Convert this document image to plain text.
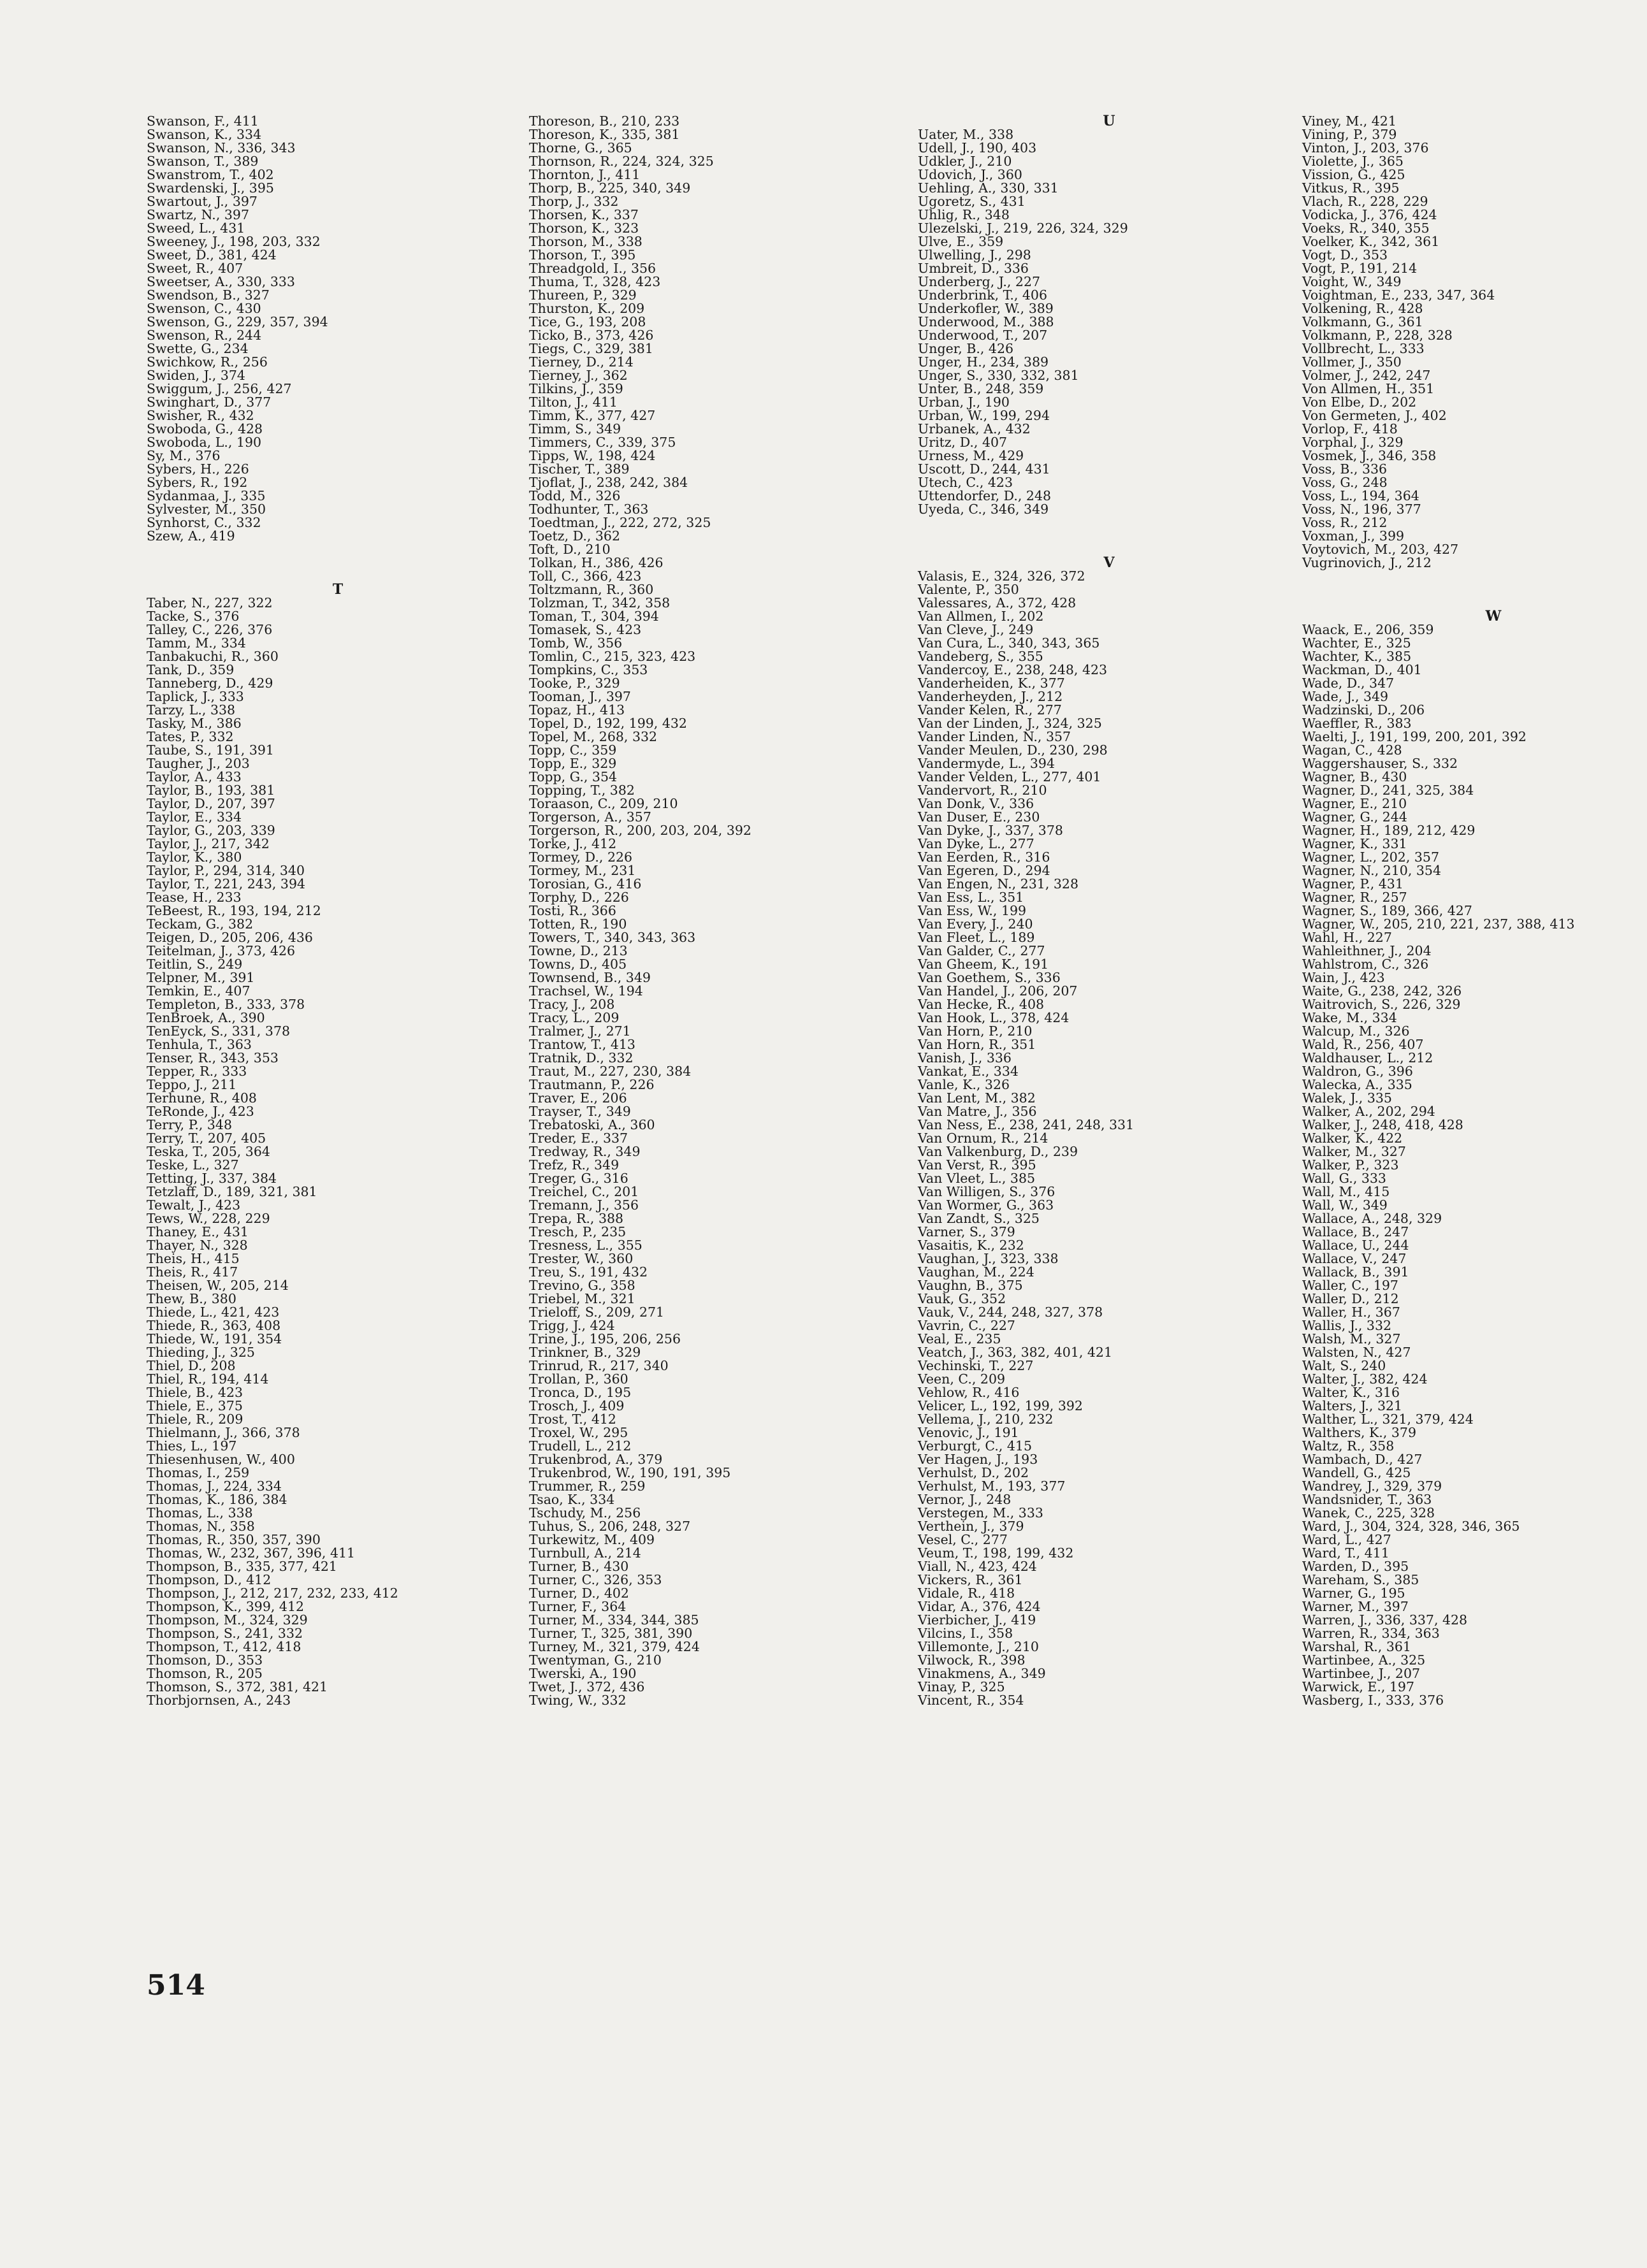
Swanson, F., 411
Swanson, K., 334
Swanson, N., 336, 343
Swanson, T., 389
Swanstrom, T., 402
Swardenski, J., 395
Swartout, J., 397
Swartz, N., 397
Sweed, L., 431
Sweeney, J., 198, 203, 332
Sweet, D., 381, 424
Sweet, R., 407
Sweetser, A., 330, 333
Swendson, B., 327
Swenson, C., 430
Swenson, G., 229, 357, 394
Swenson, R., 244
Swette, G., 234
Swichkow, R., 256
Swiden, J., 374
Swiggum, J., 256, 427
Swinghart, D., 377
Swisher, R., 432
Swoboda, G., 428
Swoboda, L., 190
Sy, M., 376
Sybers, H., 226
Sybers, R., 192
Sydanmaa, J., 335
Sylvester, M., 350
Synhorst, C., 332
Szew, A., 419
T
Taber, N., 227, 322
Tacke, S., 376
Talley, C., 226, 376
Tamm, M., 334
Tanbakuchi, R., 360
Tank, D., 359
Tanneberg, D., 429
Taplick, J., 333
Tarzy, L., 338
Tasky, M., 386
Tates, P., 332
Taube, S., 191, 391
Taugher, J., 203
Taylor, A., 433
Taylor, B., 193, 381
Taylor, D., 207, 397
Taylor, E., 334
Taylor, G., 203, 339
Taylor, J., 217, 342
Taylor, K., 380
Taylor, P., 294, 314, 340
Taylor, T., 221, 243, 394
Tease, H., 233
TeBeest, R., 193, 194, 212
Teckam, G., 382
Teigen, D., 205, 206, 436
Teitelman, J., 373, 426
Teitlin, S., 249
Telpner, M., 391
Temkin, E., 407
Templeton, B., 333, 378
TenBroek, A., 390
TenEyck, S., 331, 378
Tenhula, T., 363
Tenser, R., 343, 353
Tepper, R., 333
Teppo, J., 211
Terhune, R., 408
TeRonde, J., 423
Terry, P., 348
Terry, T., 207, 405
Teska, T., 205, 364
Teske, L., 327
Tetting, J., 337, 384
Tetzlaff, D., 189, 321, 381
Tewalt, J., 423
Tews, W., 228, 229
Thaney, E., 431
Thayer, N., 328
Theis, H., 415
Theis, R., 417
Theisen, W., 205, 214
Thew, B., 380
Thiede, L., 421, 423
Thiede, R., 363, 408
Thiede, W., 191, 354
Thieding, J., 325
Thiel, D., 208
Thiel, R., 194, 414
Thiele, B., 423
Thiele, E., 375
Thiele, R., 209
Thielmann, J., 366, 378
Thies, L., 197
Thiesenhusen, W., 400
Thomas, I., 259
Thomas, J., 224, 334
Thomas, K., 186, 384
Thomas, L., 338
Thomas, N., 358
Thomas, R., 350, 357, 390
Thomas, W., 232, 367, 396, 411
Thompson, B., 335, 377, 421
Thompson, D., 412
Thompson, J., 212, 217, 232, 233, 412
Thompson, K., 399, 412
Thompson, M., 324, 329
Thompson, S., 241, 332
Thompson, T., 412, 418
Thomson, D., 353
Thomson, R., 205
Thomson, S., 372, 381, 421
Thorbjornsen, A., 243
Thoreson, B., 210, 233
Thoreson, K., 335, 381
Thorne, G., 365
Thornson, R., 224, 324, 325
Thornton, J., 411
Thorp, B., 225, 340, 349
Thorp, J., 332
Thorsen, K., 337
Thorson, K., 323
Thorson, M., 338
Thorson, T., 395
Threadgold, I., 356
Thuma, T., 328, 423
Thureen, P., 329
Thurston, K., 209
Tice, G., 193, 208
Ticko, B., 373, 426
Tiegs, C., 329, 381
Tierney, D., 214
Tierney, J., 362
Tilkins, J., 359
Tilton, J., 411
Timm, K., 377, 427
Timm, S., 349
Timmers, C., 339, 375
Tipps, W., 198, 424
Tischer, T., 389
Tjoflat, J., 238, 242, 384
Todd, M., 326
Todhunter, T., 363
Toedtman, J., 222, 272, 325
Toetz, D., 362
Toft, D., 210
Tolkan, H., 386, 426
Toll, C., 366, 423
Toltzmann, R., 360
Tolzman, T., 342, 358
Toman, T., 304, 394
Tomasek, S., 423
Tomb, W., 356
Tomlin, C., 215, 323, 423
Tompkins, C., 353
Tooke, P., 329
Tooman, J., 397
Topaz, H., 413
Topel, D., 192, 199, 432
Topel, M., 268, 332
Topp, C., 359
Topp, E., 329
Topp, G., 354
Topping, T., 382
Toraason, C., 209, 210
Torgerson, A., 357
Torgerson, R., 200, 203, 204, 392
Torke, J., 412
Tormey, D., 226
Tormey, M., 231
Torosian, G., 416
Torphy, D., 226
Tosti, R., 366
Totten, R., 190
Towers, T., 340, 343, 363
Towne, D., 213
Towns, D., 405
Townsend, B., 349
Trachsel, W., 194
Tracy, J., 208
Tracy, L., 209
Tralmer, J., 271
Trantow, T., 413
Tratnik, D., 332
Traut, M., 227, 230, 384
Trautmann, P., 226
Traver, E., 206
Trayser, T., 349
Trebatoski, A., 360
Treder, E., 337
Tredway, R., 349
Trefz, R., 349
Treger, G., 316
Treichel, C., 201
Tremann, J., 356
Trepa, R., 388
Tresch, P., 235
Tresness, L., 355
Trester, W., 360
Treu, S., 191, 432
Trevino, G., 358
Triebel, M., 321
Trieloff, S., 209, 271
Trigg, J., 424
Trine, J., 195, 206, 256
Trinkner, B., 329
Trinrud, R., 217, 340
Trollan, P., 360
Tronca, D., 195
Trosch, J., 409
Trost, T., 412
Troxel, W., 295
Trudell, L., 212
Trukenbrod, A., 379
Trukenbrod, W., 190, 191, 395
Trummer, R., 259
Tsao, K., 334
Tschudy, M., 256
Tuhus, S., 206, 248, 327
Turkewitz, M., 409
Turnbull, A., 214
Turner, B., 430
Turner, C., 326, 353
Turner, D., 402
Turner, F., 364
Turner, M., 334, 344, 385
Turner, T., 325, 381, 390
Turney, M., 321, 379, 424
Twentyman, G., 210
Twerski, A., 190
Twet, J., 372, 436
Twing, W., 332
U
Uater, M., 338
Udell, J., 190, 403
Udkler, J., 210
Udovich, J., 360
Uehling, A., 330, 331
Ugoretz, S., 431
Uhlig, R., 348
Ulezelski, J., 219, 226, 324, 329
Ulve, E., 359
Ulwelling, J., 298
Umbreit, D., 336
Underberg, J., 227
Underbrink, T., 406
Underkofler, W., 389
Underwood, M., 388
Underwood, T., 207
Unger, B., 426
Unger, H., 234, 389
Unger, S., 330, 332, 381
Unter, B., 248, 359
Urban, J., 190
Urban, W., 199, 294
Urbanek, A., 432
Uritz, D., 407
Urness, M., 429
Uscott, D., 244, 431
Utech, C., 423
Uttendorfer, D., 248
Uyeda, C., 346, 349
V
Valasis, E., 324, 326, 372
Valente, P., 350
Valessares, A., 372, 428
Van Allmen, I., 202
Van Cleve, J., 249
Van Cura, L., 340, 343, 365
Vandeberg, S., 355
Vandercoy, E., 238, 248, 423
Vanderheiden, K., 377
Vanderheyden, J., 212
Vander Kelen, R., 277
Van der Linden, J., 324, 325
Vander Linden, N., 357
Vander Meulen, D., 230, 298
Vandermyde, L., 394
Vander Velden, L., 277, 401
Vandervort, R., 210
Van Donk, V., 336
Van Duser, E., 230
Van Dyke, J., 337, 378
Van Dyke, L., 277
Van Eerden, R., 316
Van Egeren, D., 294
Van Engen, N., 231, 328
Van Ess, L., 351
Van Ess, W., 199
Van Every, J., 240
Van Fleet, L., 189
Van Galder, C., 277
Van Gheem, K., 191
Van Goethem, S., 336
Van Handel, J., 206, 207
Van Hecke, R., 408
Van Hook, L., 378, 424
Van Horn, P., 210
Van Horn, R., 351
Vanish, J., 336
Vankat, E., 334
Vanle, K., 326
Van Lent, M., 382
Van Matre, J., 356
Van Ness, E., 238, 241, 248, 331
Van Ornum, R., 214
Van Valkenburg, D., 239
Van Verst, R., 395
Van Vleet, L., 385
Van Willigen, S., 376
Van Wormer, G., 363
Van Zandt, S., 325
Varner, S., 379
Vasaitis, K., 232
Vaughan, J., 323, 338
Vaughan, M., 224
Vaughn, B., 375
Vauk, G., 352
Vauk, V., 244, 248, 327, 378
Vavrin, C., 227
Veal, E., 235
Veatch, J., 363, 382, 401, 421
Vechinski, T., 227
Veen, C., 209
Vehlow, R., 416
Velicer, L., 192, 199, 392
Vellema, J., 210, 232
Venovic, J., 191
Verburgt, C., 415
Ver Hagen, J., 193
Verhulst, D., 202
Verhulst, M., 193, 377
Vernor, J., 248
Verstegen, M., 333
Verthein, J., 379
Vesel, C., 277
Veum, T., 198, 199, 432
Viall, N., 423, 424
Vickers, R., 361
Vidale, R., 418
Vidar, A., 376, 424
Vierbicher, J., 419
Vilcins, I., 358
Villemonte, J., 210
Vilwock, R., 398
Vinakmens, A., 349
Vinay, P., 325
Vincent, R., 354
Viney, M., 421
Vining, P., 379
Vinton, J., 203, 376
Violette, J., 365
Vission, G., 425
Vitkus, R., 395
Vlach, R., 228, 229
Vodicka, J., 376, 424
Voeks, R., 340, 355
Voelker, K., 342, 361
Vogt, D., 353
Vogt, P., 191, 214
Voight, W., 349
Voightman, E., 233, 347, 364
Volkening, R., 428
Volkmann, G., 361
Volkmann, P., 228, 328
Vollbrecht, L., 333
Vollmer, J., 350
Volmer, J., 242, 247
Von Allmen, H., 351
Von Elbe, D., 202
Von Germeten, J., 402
Vorlop, F., 418
Vorphal, J., 329
Vosmek, J., 346, 358
Voss, B., 336
Voss, G., 248
Voss, L., 194, 364
Voss, N., 196, 377
Voss, R., 212
Voxman, J., 399
Voytovich, M., 203, 427
Vugrinovich, J., 212
W
Waack, E., 206, 359
Wachter, E., 325
Wachter, K., 385
Wackman, D., 401
Wade, D., 347
Wade, J., 349
Wadzinski, D., 206
Waeffler, R., 383
Waelti, J., 191, 199, 200, 201, 392
Wagan, C., 428
Waggershauser, S., 332
Wagner, B., 430
Wagner, D., 241, 325, 384
Wagner, E., 210
Wagner, G., 244
Wagner, H., 189, 212, 429
Wagner, K., 331
Wagner, L., 202, 357
Wagner, N., 210, 354
Wagner, P., 431
Wagner, R., 257
Wagner, S., 189, 366, 427
Wagner, W., 205, 210, 221, 237, 388, 413
Wahl, H., 227
Wahleithner, J., 204
Wahlstrom, C., 326
Wain, J., 423
Waite, G., 238, 242, 326
Waitrovich, S., 226, 329
Wake, M., 334
Walcup, M., 326
Wald, R., 256, 407
Waldhauser, L., 212
Waldron, G., 396
Walecka, A., 335
Walek, J., 335
Walker, A., 202, 294
Walker, J., 248, 418, 428
Walker, K., 422
Walker, M., 327
Walker, P., 323
Wall, G., 333
Wall, M., 415
Wall, W., 349
Wallace, A., 248, 329
Wallace, B., 247
Wallace, U., 244
Wallace, V., 247
Wallack, B., 391
Waller, C., 197
Waller, D., 212
Waller, H., 367
Wallis, J., 332
Walsh, M., 327
Walsten, N., 427
Walt, S., 240
Walter, J., 382, 424
Walter, K., 316
Walters, J., 321
Walther, L., 321, 379, 424
Walthers, K., 379
Waltz, R., 358
Wambach, D., 427
Wandell, G., 425
Wandrey, J., 329, 379
Wandsnider, T., 363
Wanek, C., 225, 328
Ward, J., 304, 324, 328, 346, 365
Ward, L., 427
Ward, T., 411
Warden, D., 395
Wareham, S., 385
Warner, G., 195
Warner, M., 397
Warren, J., 336, 337, 428
Warren, R., 334, 363
Warshal, R., 361
Wartinbee, A., 325
Wartinbee, J., 207
Warwick, E., 197
Wasberg, I., 333, 376
514
